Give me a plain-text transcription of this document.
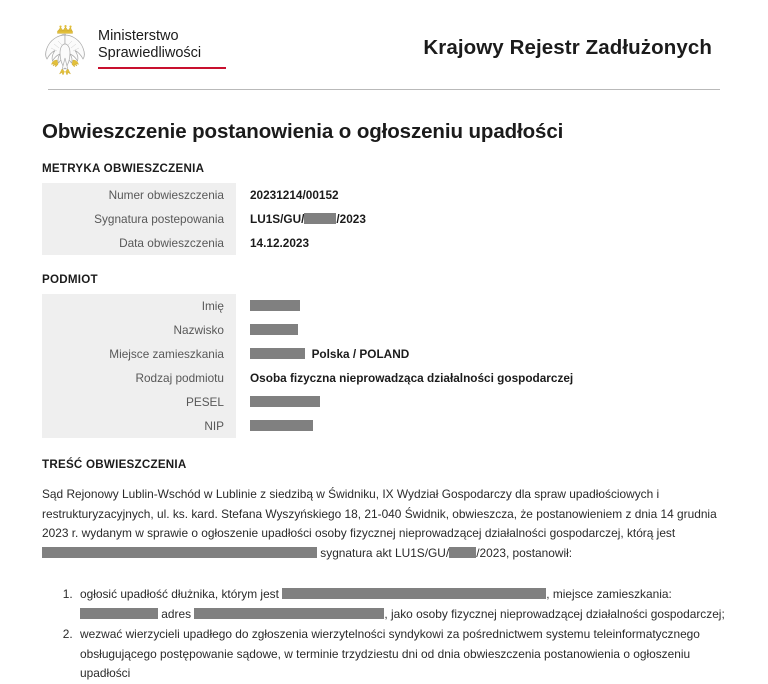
Ministerstwo
Sprawiedliwości	Krajowy Rejestr Zadłużonych
Obwieszczenie postanowienia o ogłoszeniu upadłości
METRYKA OBWIESZCZENIA
Numer obwieszczenia	20231214/00152
Sygnatura postepowania	LU1S/GU/	/2023
Data obwieszczenia	14.12.2023
PODMIOT
Imię	
Nazwisko	
Miejsce zamieszkania	Polska / POLAND
Rodzaj podmiotu	Osoba fizyczna nieprowadząca działalności gospodarczej
PESEL	
NIP	
TREŚĆ OBWIESZCZENIA
Sąd Rejonowy Lublin-Wschód w Lublinie z siedzibą w Świdniku, IX Wydział Gospodarczy dla spraw upadłościowych i restrukturyzacyjnych, ul. ks. kard. Stefana Wyszyńskiego 18, 21-040 Świdnik, obwieszcza, że postanowieniem z dnia 14 grudnia 2023 r. wydanym w sprawie o ogłoszenie upadłości osoby fizycznej nieprowadzącej działalności gospodarczej, którą jest  sygnatura akt LU1S/GU/ /2023, postanowił:
1. ogłosić upadłość dłużnika, którym jest	, miejsce zamieszkania:  adres	, jako osoby fizycznej nieprowadzącej działalności gospodarczej;
2. wezwać wierzycieli upadłego do zgłoszenia wierzytelności syndykowi za pośrednictwem systemu teleinformatycznego obsługującego postępowanie sądowe, w terminie trzydziestu dni od dnia obwieszczenia postanowienia o ogłoszeniu upadłości
